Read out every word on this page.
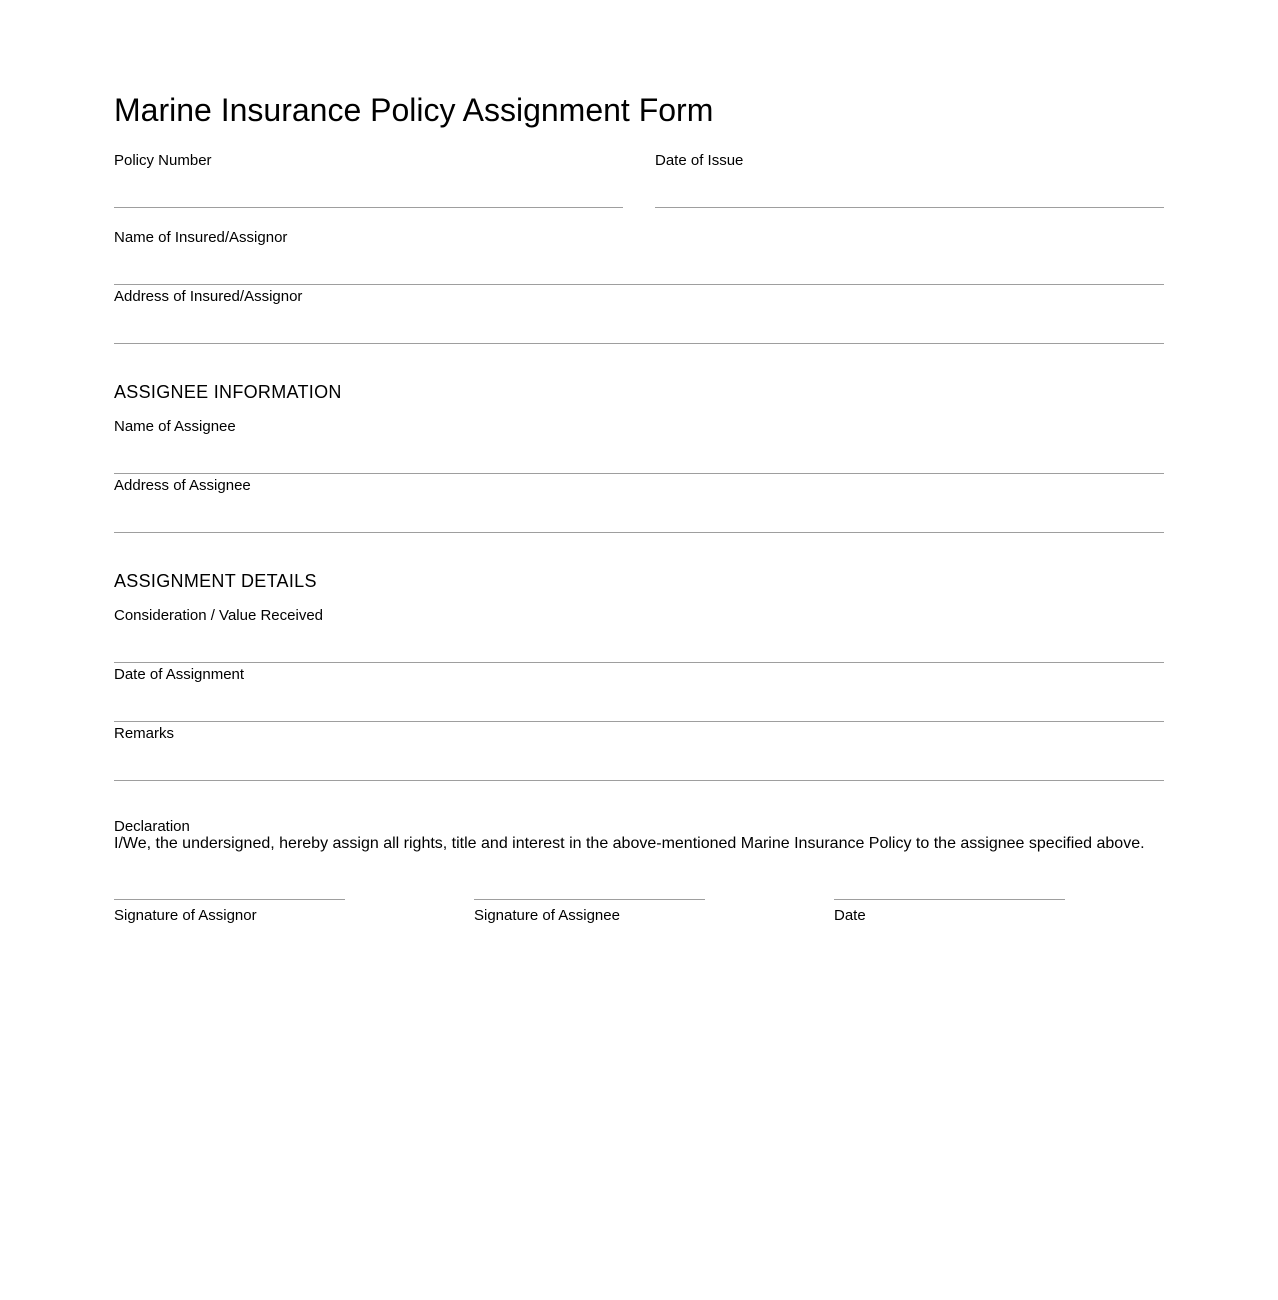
Marine Insurance Policy Assignment Form
Policy Number	Date of Issue
Name of Insured/Assignor
Address of Insured/Assignor
ASSIGNEE INFORMATION
Name of Assignee
Address of Assignee
ASSIGNMENT DETAILS
Consideration / Value Received
Date of Assignment
Remarks
Declaration
I/We, the undersigned, hereby assign all rights, title and interest in the above-mentioned Marine Insurance Policy to the assignee specified above.
Signature of Assignor	Signature of Assignee	Date
